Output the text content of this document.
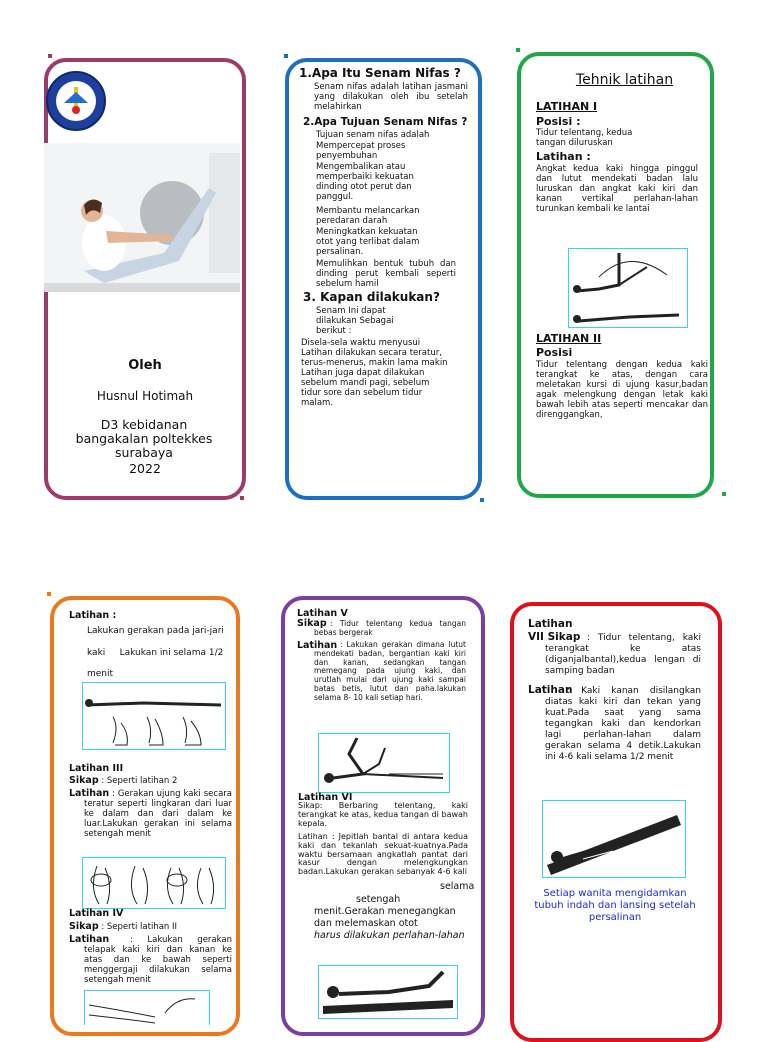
Oleh
Husnul Hotimah
D3 kebidanan bangakalan poltekkes surabaya
2022
1.Apa Itu Senam Nifas ?
Senam nifas adalah latihan jasmani yang dilakukan oleh ibu setelah melahirkan
2.Apa Tujuan Senam Nifas ?
Tujuan senam nifas adalah
Mempercepat proses penyembuhan
Mengembalikan atau memperbaiki kekuatan dinding otot perut dan panggul.
Membantu melancarkan peredaran darah
Meningkatkan kekuatan otot yang terlibat dalam persalinan.
Memulihkan bentuk tubuh dan dinding perut kembali seperti sebelum hamil
3. Kapan dilakukan?
Senam Ini dapat dilakukan Sebagai berikut :
Disela-sela waktu menyusui Latihan dilakukan secara teratur, terus-menerus, makin lama makin Latihan juga dapat dilakukan sebelum mandi pagi, sebelum tidur sore dan sebelum tidur malam.
Tehnik latihan
LATIHAN I
Posisi :
Tidur telentang, kedua tangan diluruskan
Latihan :
Angkat kedua kaki hingga pinggul dan lutut mendekati badan lalu luruskan dan angkat kaki kiri dan kanan vertikal perlahan-lahan turunkan kembali ke lantai
LATIHAN II
Posisi
Tidur telentang dengan kedua kaki terangkat ke atas, dengan cara meletakan kursi di ujung kasur,badan agak melengkung dengan letak kaki bawah lebih atas seperti mencakar dan direnggangkan,
Latihan :
Lakukan gerakan pada jari-jari
kaki     Lakukan ini selama 1/2
menit
Latihan III
Sikap : Seperti latihan 2
Latihan : Gerakan ujung kaki secara teratur seperti lingkaran dari luar ke dalam dan dari dalam ke luar.Lakukan gerakan ini selama setengah menit
Latihan IV
Sikap : Seperti latihan II
Latihan	: Lakukan gerakan telapak kaki kiri dan kanan ke atas dan ke bawah seperti menggergaji dilakukan selama setengah menit
Latihan V
Sikap : Tidur telentang kedua tangan bebas bergerak
Latihan : Lakukan gerakan dimana lutut mendekati badan, bergantian kaki kiri dan kanan, sedangkan tangan memegang pada ujung kaki, dan urutlah mulai dari ujung kaki sampai batas betis, lutut dan paha.lakukan selama 8- 10 kali setiap hari.
Latihan VI
Sikap: Berbaring telentang, kaki terangkat ke atas, kedua tangan di bawah kepala.
Latihan : Jepitlah bantal di antara kedua kaki dan tekanlah sekuat-kuatnya.Pada waktu bersamaan angkatlah pantat dari kasur dengan melengkungkan badan.Lakukan gerakan sebanyak 4-6 kali
selama
setengah
menit.Gerakan menegangkan dan melemaskan otot
harus dilakukan perlahan-lahan
Latihan
VII Sikap : Tidur telentang, kaki terangkat ke atas (diganjalbantal),kedua lengan di samping badan
Latihan
: Kaki kanan disilangkan diatas kaki kiri dan tekan yang kuat.Pada saat yang sama tegangkan kaki dan kendorkan lagi perlahan-lahan dalam gerakan selama 4 detik.Lakukan ini 4-6 kali selama 1/2 menit
Setiap wanita mengidamkan tubuh indah dan lansing setelah persalinan
